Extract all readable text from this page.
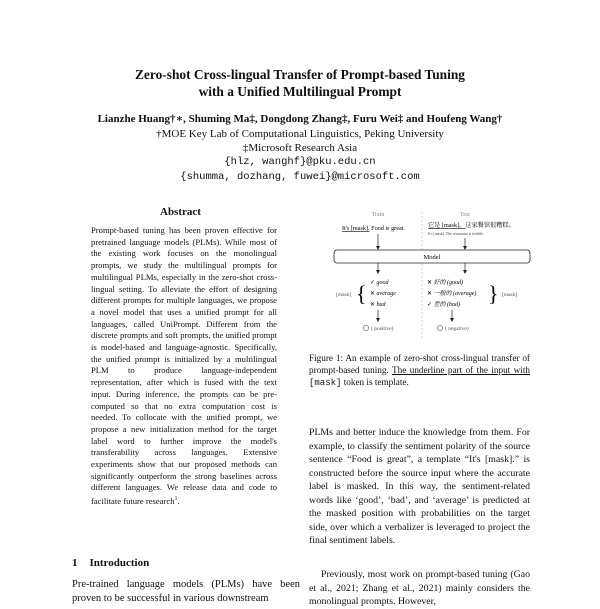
Zero-shot Cross-lingual Transfer of Prompt-based Tuning
with a Unified Multilingual Prompt
Lianzhe Huang†∗, Shuming Ma‡, Dongdong Zhang‡, Furu Wei‡ and Houfeng Wang†
†MOE Key Lab of Computational Linguistics, Peking University
‡Microsoft Research Asia
{hlz, wanghf}@pku.edu.cn
{shumma, dozhang, fuwei}@microsoft.com
Abstract

Prompt-based tuning has been proven effective for pretrained language models (PLMs). While most of the existing work focuses on the monolingual prompts, we study the multilingual prompts for multilingual PLMs, especially in the zero-shot cross-lingual setting. To alleviate the effort of designing different prompts for multiple languages, we propose a novel model that uses a unified prompt for all languages, called UniPrompt. Different from the discrete prompts and soft prompts, the unified prompt is model-based and language-agnostic. Specifically, the unified prompt is initialized by a multilingual PLM to produce language-independent representation, after which is fused with the text input. During inference, the prompts can be pre-computed so that no extra computation cost is needed. To collocate with the unified prompt, we propose a new initialization method for the target label word to further improve the model's transferability across languages. Extensive experiments show that our proposed methods can significantly outperform the strong baselines across different languages. We release data and code to facilitate future research$^1$.

1 Introduction

Pre-trained language models (PLMs) have been proven to be successful in various downstream

Train	Test
It's [mask]. Food is great.	它是 [mask]。这家餐馆很糟糕。
It's [mask]. The restaurant is terrible.
Model
[mask] { ✓ good
✕ average
✕ bad
✕ 好的 (good)
✕ 一般的 (average)
✓ 差的 (bad) } [mask]
( positive)	( negative)

Figure 1: An example of zero-shot cross-lingual transfer of prompt-based tuning. The underline part of the input with [mask] token is template.

PLMs and better induce the knowledge from them. For example, to classify the sentiment polarity of the source sentence “Food is great”, a template “It's [mask].” is constructed before the source input where the accurate label is masked. In this way, the sentiment-related words like ‘good’, ‘bad’, and ‘average’ is predicted at the masked position with probabilities on the target side, over which a verbalizer is leveraged to project the final sentiment labels.

Previously, most work on prompt-based tuning (Gao et al., 2021; Zhang et al., 2021) mainly considers the monolingual prompts. However,
